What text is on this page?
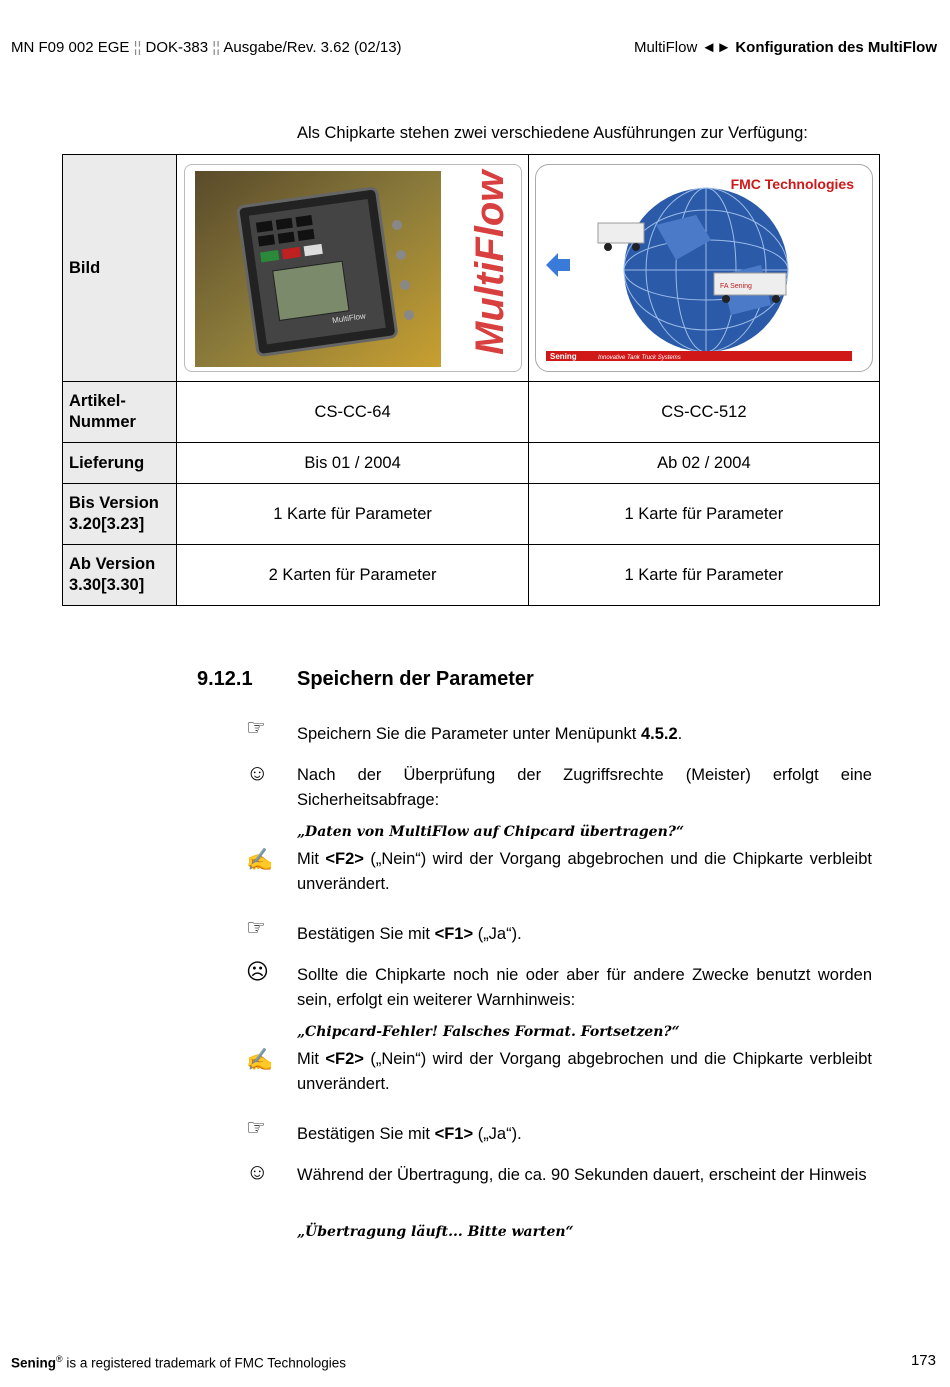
MN F09 002 EGE ¦¦ DOK-383 ¦¦ Ausgabe/Rev. 3.62 (02/13)	MultiFlow ◄► Konfiguration des MultiFlow
Als Chipkarte stehen zwei verschiedene Ausführungen zur Verfügung:
Bild	MultiFlow MultiFlow	FMC Technologies
FA Sening
Sening Innovative Tank Truck Systems

Artikel-Nummer	CS-CC-64	CS-CC-512
Lieferung	Bis 01 / 2004	Ab 02 / 2004
Bis Version 3.20[3.23]	1 Karte für Parameter	1 Karte für Parameter
Ab Version 3.30[3.30]	2 Karten für Parameter	1 Karte für Parameter
9.12.1 Speichern der Parameter
☞ Speichern Sie die Parameter unter Menüpunkt 4.5.2.
☺ Nach der Überprüfung der Zugriffsrechte (Meister) erfolgt eine Sicherheitsabfrage:
„Daten von MultiFlow auf Chipcard übertragen?“
✍ Mit <F2> („Nein“) wird der Vorgang abgebrochen und die Chipkarte verbleibt unverändert.
☞ Bestätigen Sie mit <F1> („Ja“).
☹ Sollte die Chipkarte noch nie oder aber für andere Zwecke benutzt worden sein, erfolgt ein weiterer Warnhinweis:
„Chipcard-Fehler! Falsches Format. Fortsetzen?“
✍ Mit <F2> („Nein“) wird der Vorgang abgebrochen und die Chipkarte verbleibt unverändert.
☞ Bestätigen Sie mit <F1> („Ja“).
☺ Während der Übertragung, die ca. 90 Sekunden dauert, erscheint der Hinweis
„Übertragung läuft... Bitte warten“
Sening® is a registered trademark of FMC Technologies	173
